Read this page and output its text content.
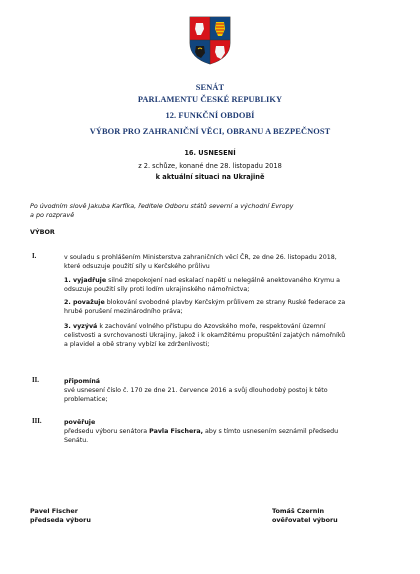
SENÁT
PARLAMENTU ČESKÉ REPUBLIKY
12. FUNKČNÍ OBDOBÍ
VÝBOR PRO ZAHRANIČNÍ VĚCI, OBRANU A BEZPEČNOST
16. USNESENÍ
z 2. schůze, konané dne 28. listopadu 2018
k aktuální situaci na Ukrajině
Po úvodním slově Jakuba Karfíka, ředitele Odboru států severní a východní Evropy
a po rozpravě
VÝBOR
I.	v souladu s prohlášením Ministerstva zahraničních věcí ČR, ze dne 26. listopadu 2018,
které odsuzuje použití síly u Kerčského průlivu
1. vyjadřuje silné znepokojení nad eskalací napětí u nelegálně anektovaného Krymu a
odsuzuje použití síly proti lodím ukrajinského námořnictva;
2. považuje blokování svobodné plavby Kerčským průlivem ze strany Ruské federace za
hrubé porušení mezinárodního práva;
3. vyzývá k zachování volného přístupu do Azovského moře, respektování územní
celistvosti a svrchovanosti Ukrajiny, jakož i k okamžitému propuštění zajatých námořníků
a plavidel a obě strany vybízí ke zdrženlivosti;
II.	připomíná
své usnesení číslo č. 170 ze dne 21. července 2016 a svůj dlouhodobý postoj k této
problematice;
III.	pověřuje
předsedu výboru senátora Pavla Fischera, aby s tímto usnesením seznámil předsedu
Senátu.
Pavel Fischer
předseda výboru
Tomáš Czernin
ověřovatel výboru
